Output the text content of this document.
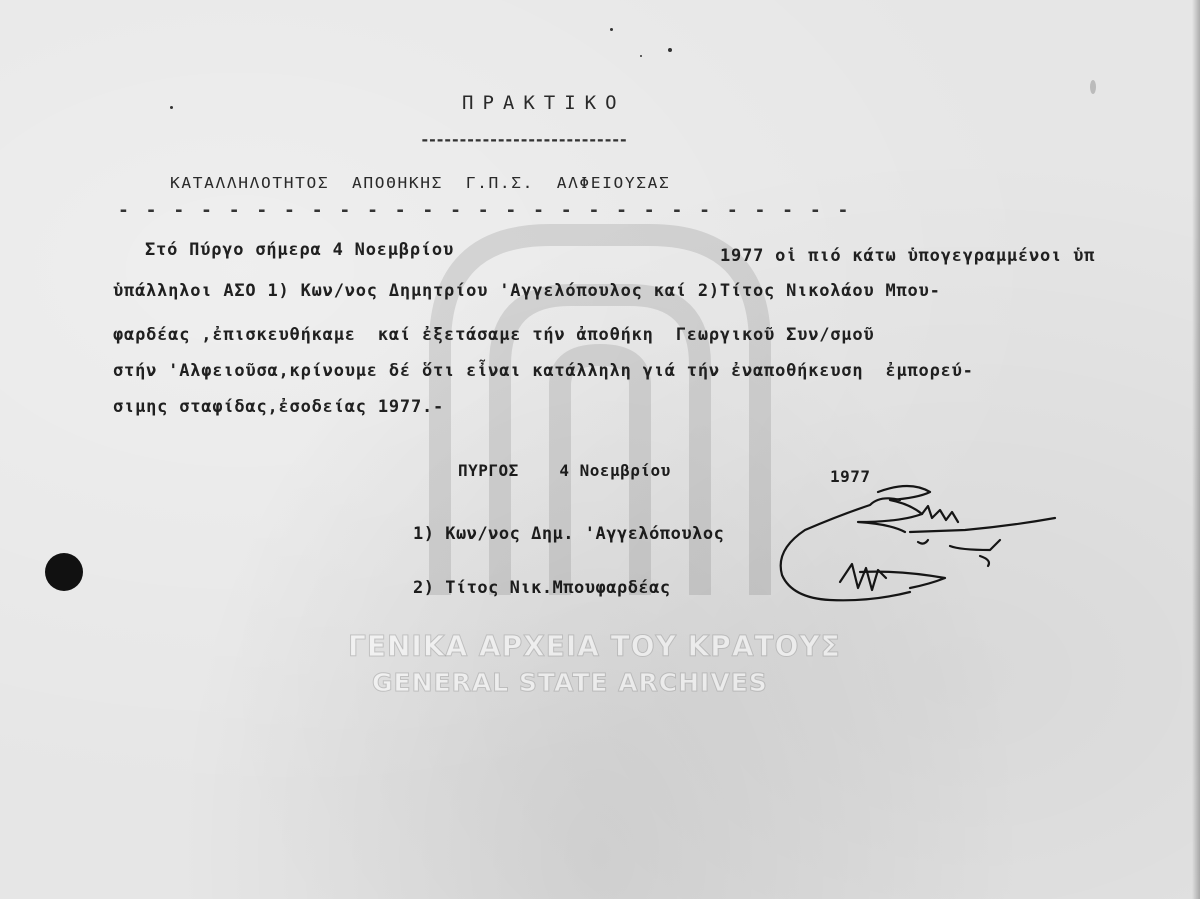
ΠΡΑΚΤΙΚΟ
---------------------------
ΚΑΤΑΛΛΗΛΟΤΗΤΟΣ  ΑΠΟΘΗΚΗΣ  Γ.Π.Σ.  ΑΛΦΕΙΟΥΣΑΣ
- - - - - - - - - - - - - - - - - - - - - - - - - - -
Στό Πύργο σήμερα 4 Νοεμβρίου	1977 οἱ πιό κάτω ὑπογεγραμμένοι ὑπ
ὑπάλληλοι ΑΣΟ 1) Κων/νος Δημητρίου 'Αγγελόπουλος καί 2)Τίτος Νικολάου Μπου-
φαρδέας ,ἐπισκευθήκαμε  καί ἐξετάσαμε τήν ἀποθήκη  Γεωργικοῦ Συν/σμοῦ
στήν 'Αλφειοῦσα,κρίνουμε δέ ὅτι εἶναι κατάλληλη γιά τήν ἐναποθήκευση  ἐμπορεύ-
σιμης σταφίδας,ἐσοδείας 1977.-
ΠΥΡΓΟΣ    4 Νοεμβρίου	1977
1) Κων/νος Δημ. 'Αγγελόπουλος
2) Τίτος Νικ.Μπουφαρδέας
ΓΕΝΙΚΑ ΑΡΧΕΙΑ ΤΟΥ ΚΡΑΤΟΥΣ
GENERAL STATE ARCHIVES
